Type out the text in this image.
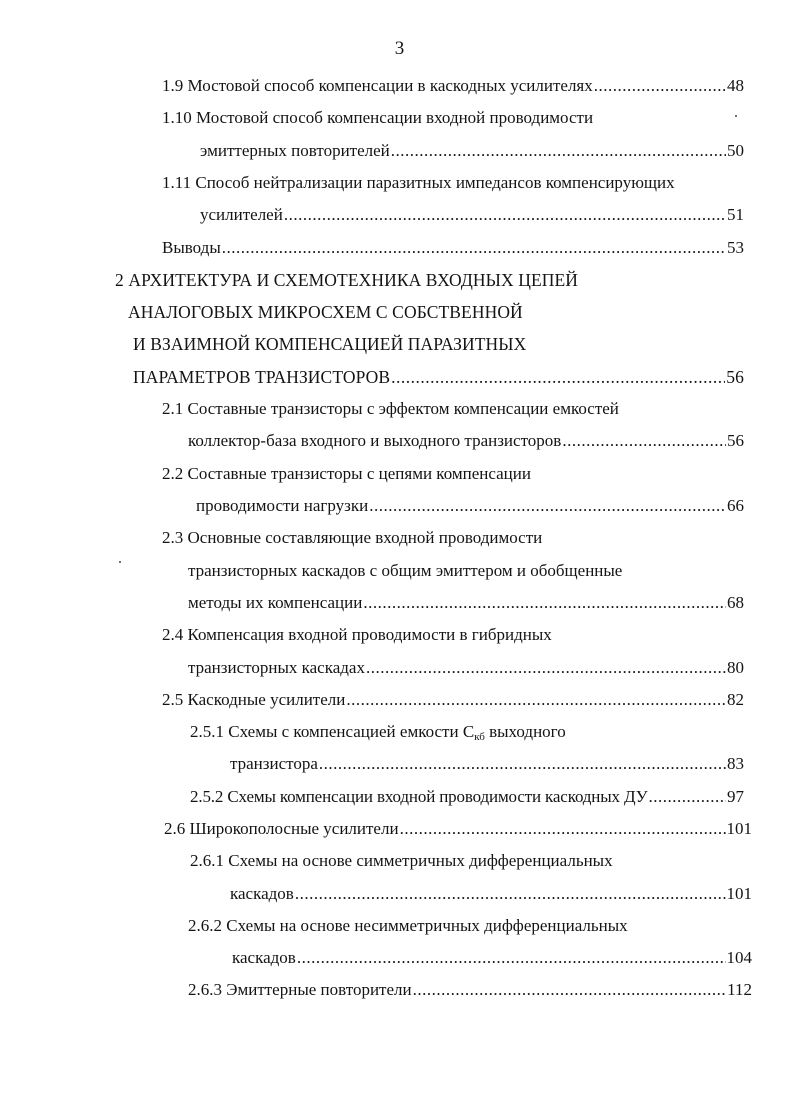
3
1.9 Мостовой способ компенсации в каскодных усилителях .....	48
1.10 Мостовой способ компенсации входной проводимости
эмиттерных повторителей .....	50
1.11 Способ нейтрализации паразитных импедансов компенсирующих
усилителей .....	51
Выводы .....	53
2 АРХИТЕКТУРА И СХЕМОТЕХНИКА ВХОДНЫХ ЦЕПЕЙ
АНАЛОГОВЫХ МИКРОСХЕМ С СОБСТВЕННОЙ
И ВЗАИМНОЙ КОМПЕНСАЦИЕЙ ПАРАЗИТНЫХ
ПАРАМЕТРОВ ТРАНЗИСТОРОВ .....	56
2.1 Составные транзисторы с эффектом компенсации емкостей
коллектор-база входного и выходного транзисторов .....	56
2.2 Составные транзисторы с цепями компенсации
проводимости нагрузки .....	66
2.3 Основные составляющие входной проводимости
транзисторных каскадов с общим эмиттером и обобщенные
методы их компенсации .....	68
2.4 Компенсация входной проводимости в гибридных
транзисторных каскадах .....	80
2.5 Каскодные усилители .....	82
2.5.1 Схемы с компенсацией емкости $С_{кб}$ выходного
транзистора .....	83
2.5.2 Схемы компенсации входной проводимости каскодных ДУ .....	97
2.6 Широкополосные усилители .....	101
2.6.1 Схемы на основе симметричных дифференциальных
каскадов .....	101
2.6.2 Схемы на основе несимметричных дифференциальных
каскадов .....	104
2.6.3 Эмиттерные повторители .....	112
